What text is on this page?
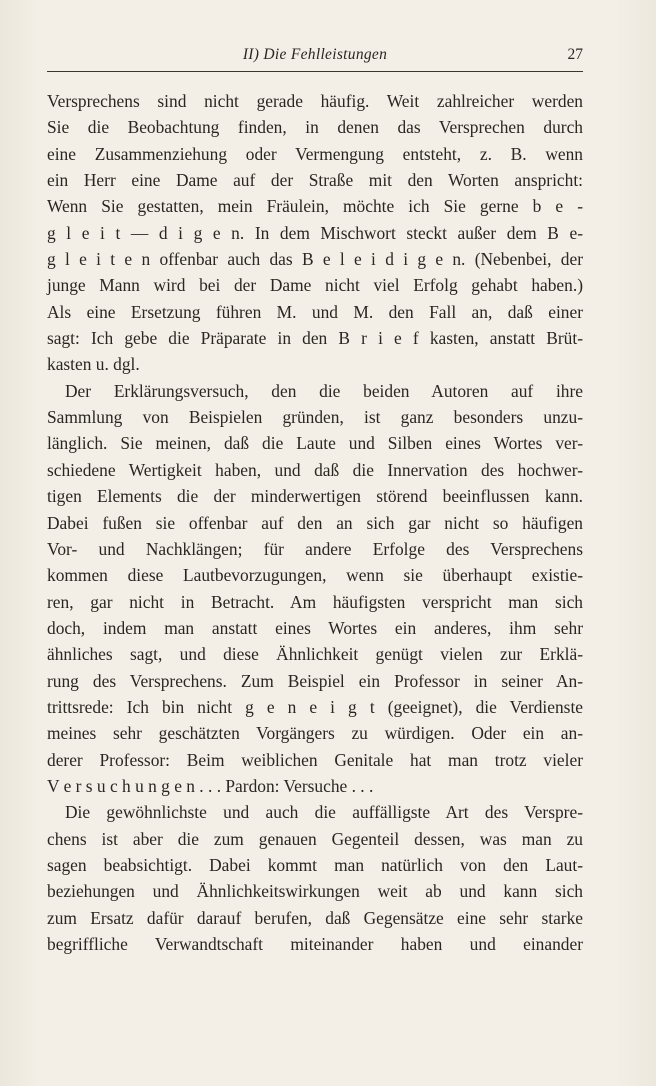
II) Die Fehlleistungen	27
Versprechens sind nicht gerade häufig. Weit zahlreicher werden
Sie die Beobachtung finden, in denen das Versprechen durch
eine Zusammenziehung oder Vermengung entsteht, z. B. wenn
ein Herr eine Dame auf der Straße mit den Worten anspricht:
Wenn Sie gestatten, mein Fräulein, möchte ich Sie gerne b e -
g l e i t — d i g e n. In dem Mischwort steckt außer dem B e-
g l e i t e n offenbar auch das B e l e i d i g e n. (Nebenbei, der
junge Mann wird bei der Dame nicht viel Erfolg gehabt haben.)
Als eine Ersetzung führen M. und M. den Fall an, daß einer
sagt: Ich gebe die Präparate in den B r i e f kasten, anstatt Brüt-
kasten u. dgl.
Der Erklärungsversuch, den die beiden Autoren auf ihre
Sammlung von Beispielen gründen, ist ganz besonders unzu-
länglich. Sie meinen, daß die Laute und Silben eines Wortes ver-
schiedene Wertigkeit haben, und daß die Innervation des hochwer-
tigen Elements die der minderwertigen störend beeinflussen kann.
Dabei fußen sie offenbar auf den an sich gar nicht so häufigen
Vor- und Nachklängen; für andere Erfolge des Versprechens
kommen diese Lautbevorzugungen, wenn sie überhaupt existie-
ren, gar nicht in Betracht. Am häufigsten verspricht man sich
doch, indem man anstatt eines Wortes ein anderes, ihm sehr
ähnliches sagt, und diese Ähnlichkeit genügt vielen zur Erklä-
rung des Versprechens. Zum Beispiel ein Professor in seiner An-
trittsrede: Ich bin nicht g e n e i g t (geeignet), die Verdienste
meines sehr geschätzten Vorgängers zu würdigen. Oder ein an-
derer Professor: Beim weiblichen Genitale hat man trotz vieler
V e r s u c h u n g e n . . . Pardon: Versuche . . .
Die gewöhnlichste und auch die auffälligste Art des Verspre-
chens ist aber die zum genauen Gegenteil dessen, was man zu
sagen beabsichtigt. Dabei kommt man natürlich von den Laut-
beziehungen und Ähnlichkeitswirkungen weit ab und kann sich
zum Ersatz dafür darauf berufen, daß Gegensätze eine sehr starke
begriffliche Verwandtschaft miteinander haben und einander
